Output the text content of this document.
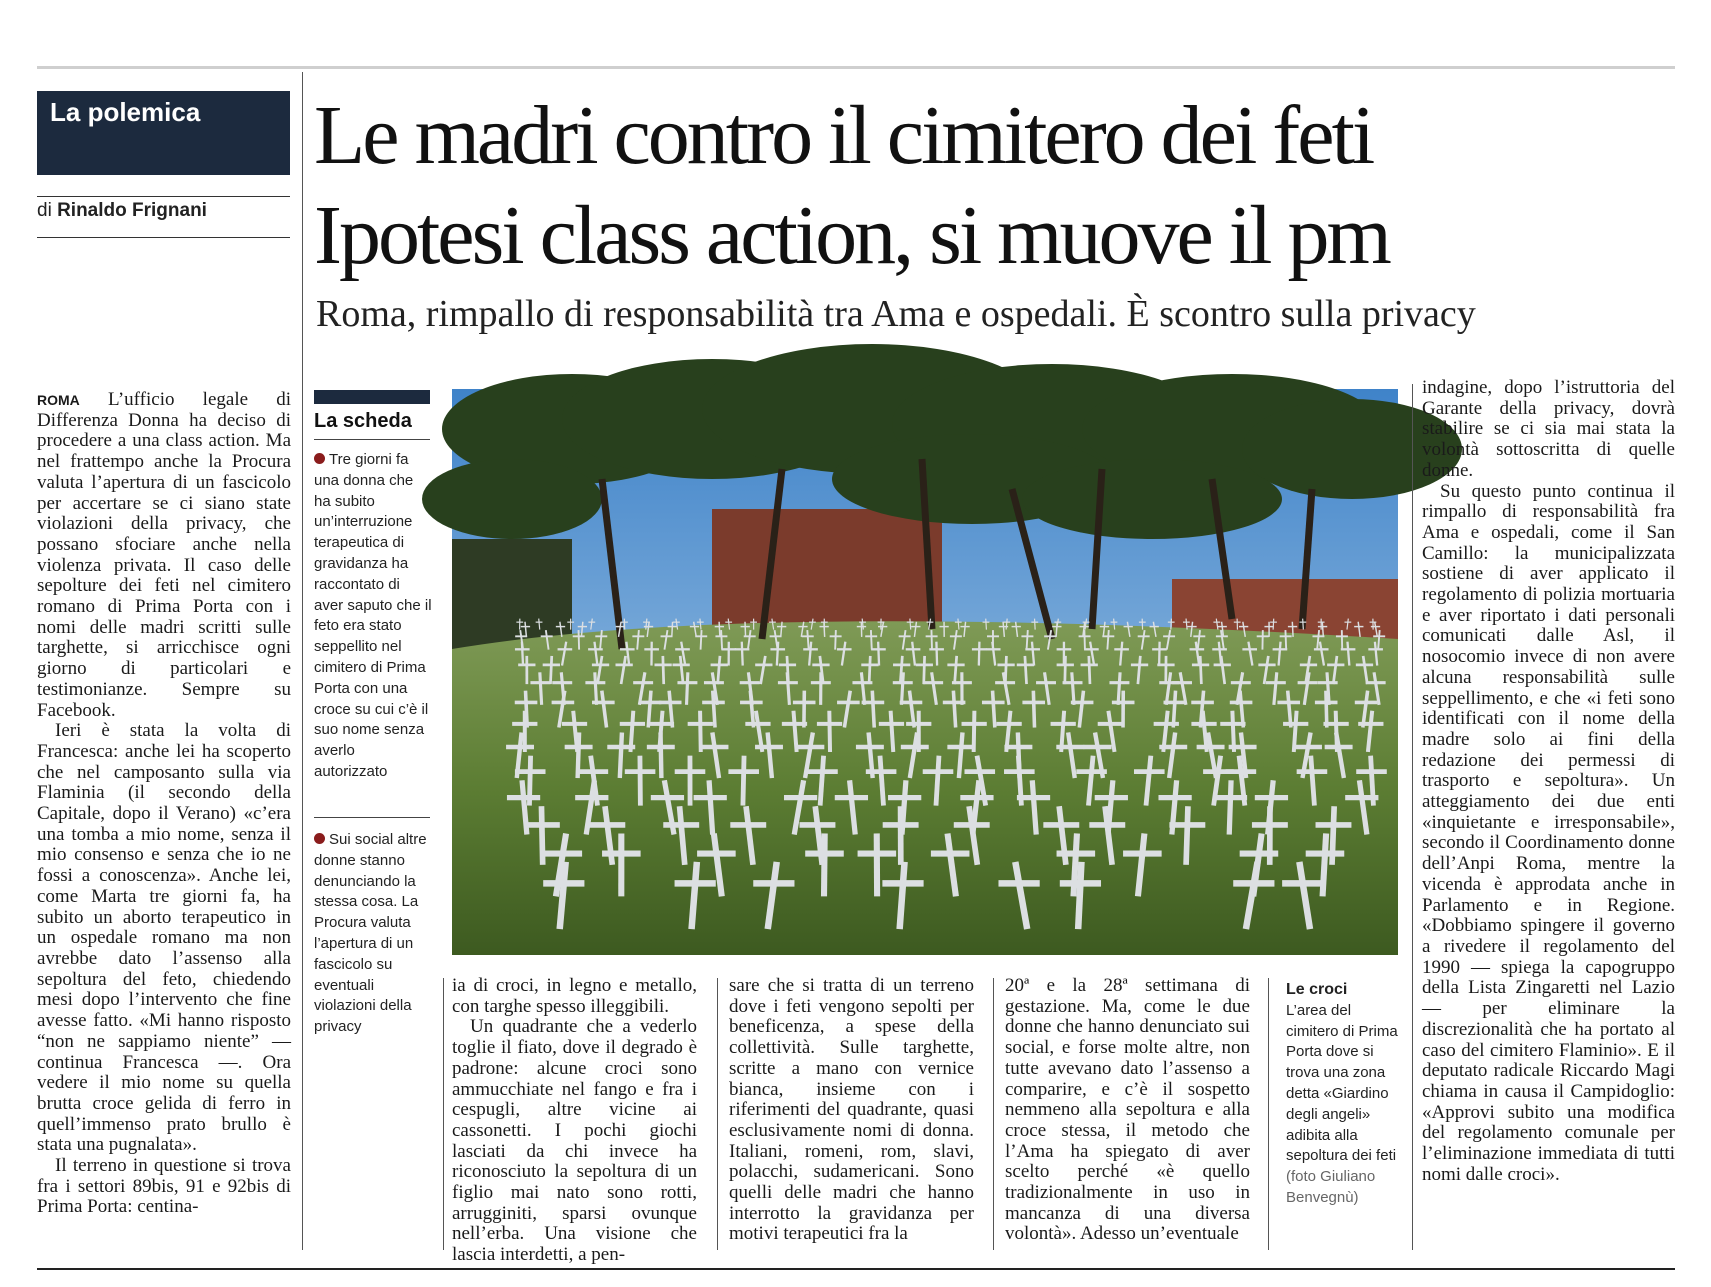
La polemica
di Rinaldo Frignani
Le madri contro il cimitero dei feti
Ipotesi class action, si muove il pm
Roma, rimpallo di responsabilità tra Ama e ospedali. È scontro sulla privacy

ROMA L’ufficio legale di Differenza Donna ha deciso di procedere a una class action. Ma nel frattempo anche la Procura valuta l’apertura di un fascicolo per accertare se ci siano state violazioni della privacy, che possano sfociare anche nella violenza privata. Il caso delle sepolture dei feti nel cimitero romano di Prima Porta con i nomi delle madri scritti sulle targhette, si arricchisce ogni giorno di particolari e testimonianze. Sempre su Facebook.

Ieri è stata la volta di Francesca: anche lei ha scoperto che nel camposanto sulla via Flaminia (il secondo della Capitale, dopo il Verano) «c’era una tomba a mio nome, senza il mio consenso e senza che io ne fossi a conoscenza». Anche lei, come Marta tre giorni fa, ha subito un aborto terapeutico in un ospedale romano ma non avrebbe dato l’assenso alla sepoltura del feto, chiedendo mesi dopo l’intervento che fine avesse fatto. «Mi hanno risposto “non ne sappiamo niente” — continua Francesca —. Ora vedere il mio nome su quella brutta croce gelida di ferro in quell’immenso prato brullo è stata una pugnalata».

Il terreno in questione si trova fra i settori 89bis, 91 e 92bis di Prima Porta: centina-

La scheda
Tre giorni fa una donna che ha subito un’interruzione terapeutica di gravidanza ha raccontato di aver saputo che il feto era stato seppellito nel cimitero di Prima Porta con una croce su cui c’è il suo nome senza averlo autorizzato
Sui social altre donne stanno denunciando la stessa cosa. La Procura valuta l’apertura di un fascicolo su eventuali violazioni della privacy

ia di croci, in legno e metallo, con targhe spesso illeggibili.

Un quadrante che a vederlo toglie il fiato, dove il degrado è padrone: alcune croci sono ammucchiate nel fango e fra i cespugli, altre vicine ai cassonetti. I pochi giochi lasciati da chi invece ha riconosciuto la sepoltura di un figlio mai nato sono rotti, arrugginiti, sparsi ovunque nell’erba. Una visione che lascia interdetti, a pen-

sare che si tratta di un terreno dove i feti vengono sepolti per beneficenza, a spese della collettività. Sulle targhette, scritte a mano con vernice bianca, insieme con i riferimenti del quadrante, quasi esclusivamente nomi di donna. Italiani, romeni, rom, slavi, polacchi, sudamericani. Sono quelli delle madri che hanno interrotto la gravidanza per motivi terapeutici fra la

20ª e la 28ª settimana di gestazione. Ma, come le due donne che hanno denunciato sui social, e forse molte altre, non tutte avevano dato l’assenso a comparire, e c’è il sospetto nemmeno alla sepoltura e alla croce stessa, il metodo che l’Ama ha spiegato di aver scelto perché «è quello tradizionalmente in uso in mancanza di una diversa volontà». Adesso un’eventuale

Le croci
L’area del cimitero di Prima Porta dove si trova una zona detta «Giardino degli angeli» adibita alla sepoltura dei feti (foto Giuliano Benvegnù)

indagine, dopo l’istruttoria del Garante della privacy, dovrà stabilire se ci sia mai stata la volontà sottoscritta di quelle donne.

Su questo punto continua il rimpallo di responsabilità fra Ama e ospedali, come il San Camillo: la municipalizzata sostiene di aver applicato il regolamento di polizia mortuaria e aver riportato i dati personali comunicati dalle Asl, il nosocomio invece di non avere alcuna responsabilità sulle seppellimento, e che «i feti sono identificati con il nome della madre solo ai fini della redazione dei permessi di trasporto e sepoltura». Un atteggiamento dei due enti «inquietante e irresponsabile», secondo il Coordinamento donne dell’Anpi Roma, mentre la vicenda è approdata anche in Parlamento e in Regione. «Dobbiamo spingere il governo a rivedere il regolamento del 1990 — spiega la capogruppo della Lista Zingaretti nel Lazio — per eliminare la discrezionalità che ha portato al caso del cimitero Flaminio». E il deputato radicale Riccardo Magi chiama in causa il Campidoglio: «Approvi subito una modifica del regolamento comunale per l’eliminazione immediata di tutti nomi dalle croci».
